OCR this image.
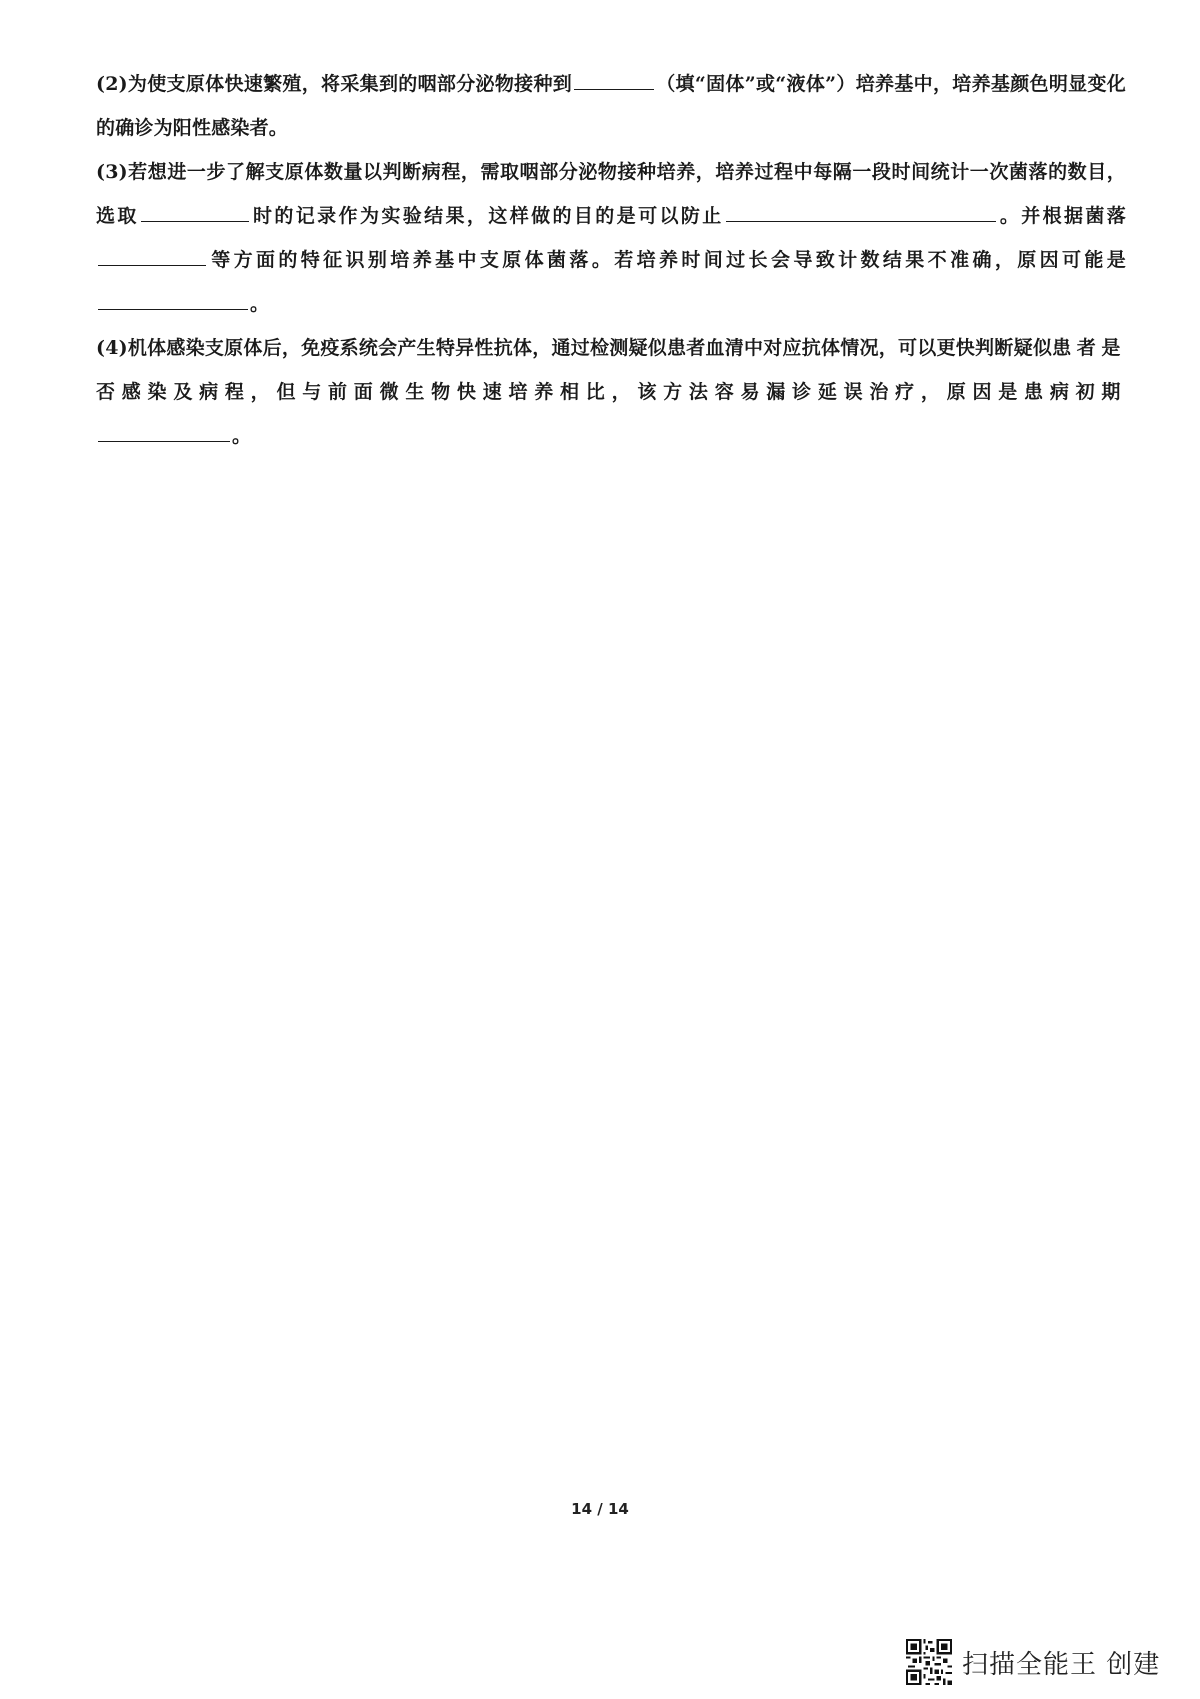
(2)为使支原体快速繁殖，将采集到的咽部分泌物接种到	（填“固体”或“液体”）培养基中，培养基颜色明显变化的确诊为阳性感染者。

(3)若想进一步了解支原体数量以判断病程，需取咽部分泌物接种培养，培养过程中每隔一段时间统计一次菌落的数目，选取	时的记录作为实验结果，这样做的目的是可以防止	。并根据菌落等方面的特征识别培养基中支原体菌落。若培养时间过长会导致计数结果不准确，原因可能是。

(4)机体感染支原体后，免疫系统会产生特异性抗体，通过检测疑似患者血清中对应抗体情况，可以更快判断疑似患者是否感染及病程，但与前面微生物快速培养相比，该方法容易漏诊延误治疗，原因是患病初期。

14 / 14
扫描全能王 创建
